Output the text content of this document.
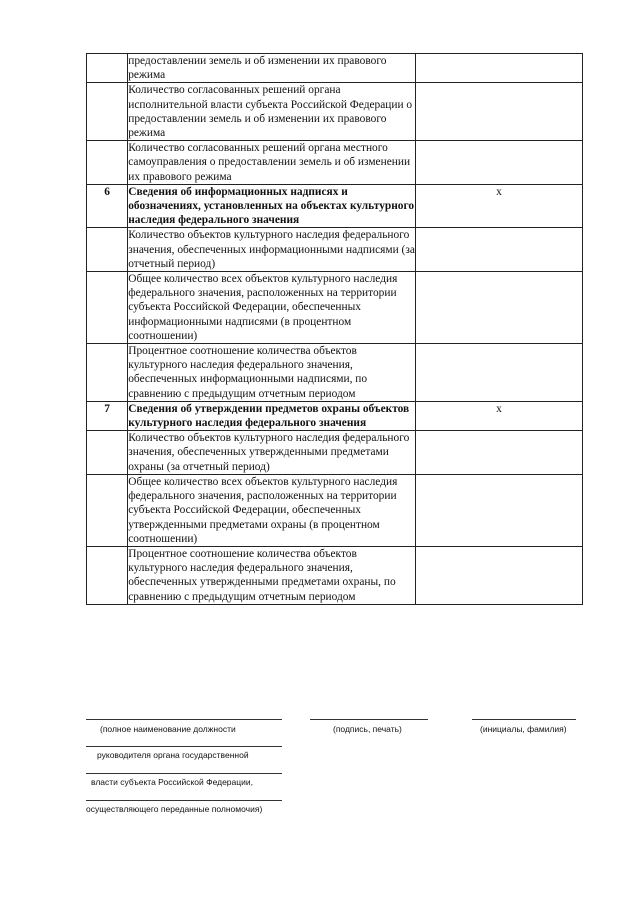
	предоставлении земель и об изменении их правового режима	
	Количество согласованных решений органа исполнительной власти субъекта Российской Федерации о предоставлении земель и об изменении их правового режима	
	Количество согласованных решений органа местного самоуправления о предоставлении земель и об изменении их правового режима	
6	Сведения об информационных надписях и обозначениях, установленных на объектах культурного наследия федерального значения	х
	Количество объектов культурного наследия федерального значения, обеспеченных информационными надписями (за отчетный период)	
	Общее количество всех объектов культурного наследия федерального значения, расположенных на территории субъекта Российской Федерации, обеспеченных информационными надписями (в процентном соотношении)	
	Процентное соотношение количества объектов культурного наследия федерального значения, обеспеченных информационными надписями, по сравнению с предыдущим отчетным периодом	
7	Сведения об утверждении предметов охраны объектов культурного наследия федерального значения	х
	Количество объектов культурного наследия федерального значения, обеспеченных утвержденными предметами охраны (за отчетный период)	
	Общее количество всех объектов культурного наследия федерального значения, расположенных на территории субъекта Российской Федерации, обеспеченных утвержденными предметами охраны (в процентном соотношении)	
	Процентное соотношение количества объектов культурного наследия федерального значения, обеспеченных утвержденными предметами охраны, по сравнению с предыдущим отчетным периодом	
(полное наименование должности	(подпись, печать)	(инициалы, фамилия)
руководителя органа государственной
власти субъекта Российской Федерации,
осуществляющего переданные полномочия)
